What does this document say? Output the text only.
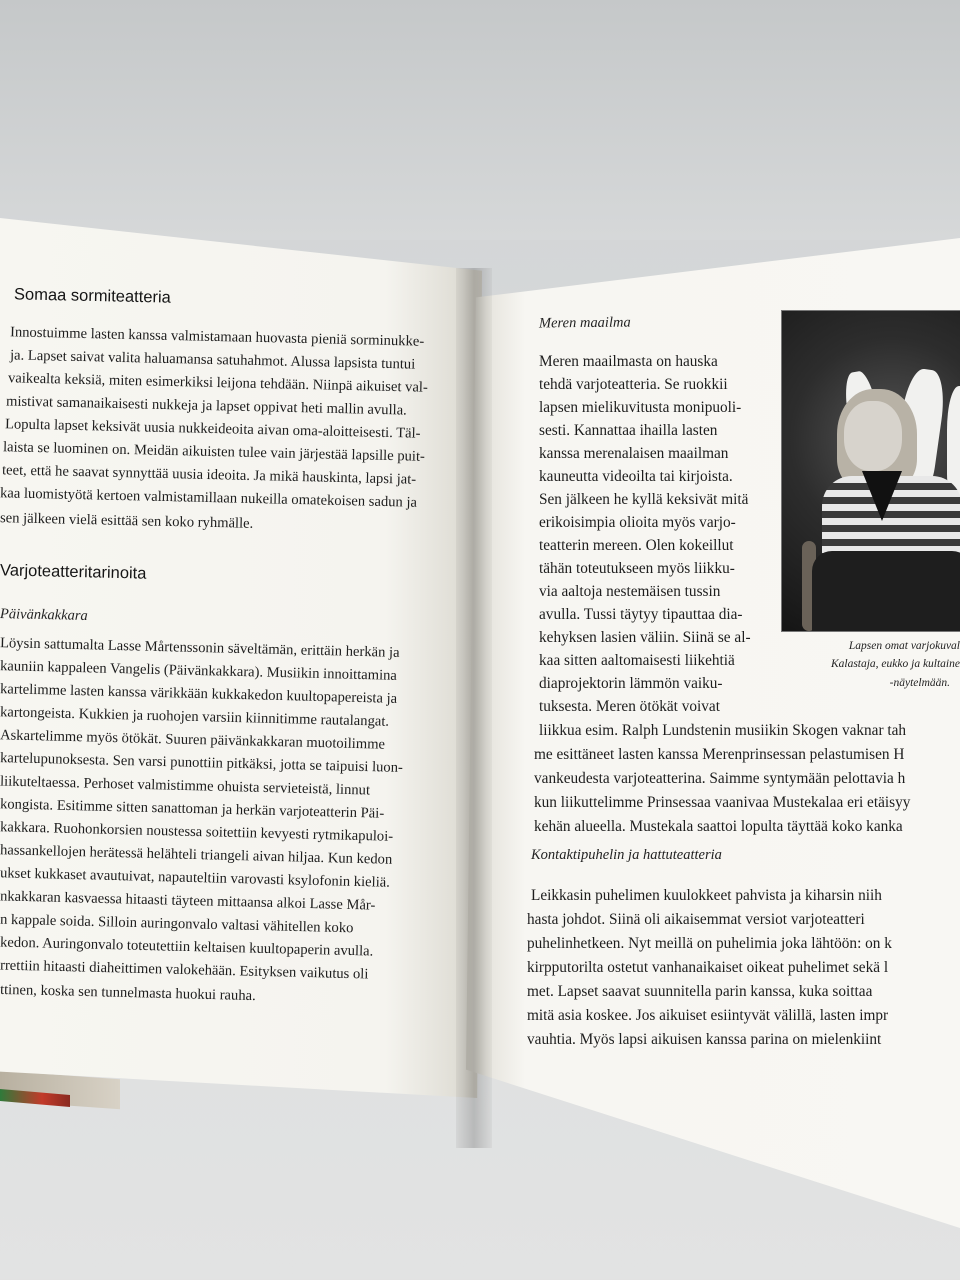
Somaa sormiteatteria
Innostuimme lasten kanssa valmistamaan huovasta pieniä sorminukke-
ja. Lapset saivat valita haluamansa satuhahmot. Alussa lapsista tuntui
vaikealta keksiä, miten esimerkiksi leijona tehdään. Niinpä aikuiset val-
mistivat samanaikaisesti nukkeja ja lapset oppivat heti mallin avulla.
Lopulta lapset keksivät uusia nukkeideoita aivan oma-aloitteisesti. Täl-
laista se luominen on. Meidän aikuisten tulee vain järjestää lapsille puit-
teet, että he saavat synnyttää uusia ideoita. Ja mikä hauskinta, lapsi jat-
kaa luomistyötä kertoen valmistamillaan nukeilla omatekoisen sadun ja
sen jälkeen vielä esittää sen koko ryhmälle.
Varjoteatteritarinoita
Päivänkakkara
Löysin sattumalta Lasse Mårtenssonin säveltämän, erittäin herkän ja
kauniin kappaleen Vangelis (Päivänkakkara). Musiikin innoittamina
kartelimme lasten kanssa värikkään kukkakedon kuultopapereista ja
kartongeista. Kukkien ja ruohojen varsiin kiinnitimme rautalangat.
Askartelimme myös ötökät. Suuren päivänkakkaran muotoilimme
kartelupunoksesta. Sen varsi punottiin pitkäksi, jotta se taipuisi luon-
liikuteltaessa. Perhoset valmistimme ohuista servieteistä, linnut
kongista. Esitimme sitten sanattoman ja herkän varjoteatterin Päi-
kakkara. Ruohonkorsien noustessa soitettiin kevyesti rytmikapuloi-
hassankellojen herätessä helähteli triangeli aivan hiljaa. Kun kedon
ukset kukkaset avautuivat, napauteltiin varovasti ksylofonin kieliä.
nkakkaran kasvaessa hitaasti täyteen mittaansa alkoi Lasse Mår-
n kappale soida. Silloin auringonvalo valtasi vähitellen koko
kedon. Auringonvalo toteutettiin keltaisen kuultopaperin avulla.
rrettiin hitaasti diaheittimen valokehään. Esityksen vaikutus oli
ttinen, koska sen tunnelmasta huokui rauha.
Meren maailma
Meren maailmasta on hauska
tehdä varjoteatteria. Se ruokkii
lapsen mielikuvitusta monipuoli-
sesti. Kannattaa ihailla lasten
kanssa merenalaisen maailman
kauneutta videoilta tai kirjoista.
Sen jälkeen he kyllä keksivät mitä
erikoisimpia olioita myös varjo-
teatterin mereen. Olen kokeillut
tähän toteutukseen myös liikku-
via aaltoja nestemäisen tussin
avulla. Tussi täytyy tipauttaa dia-
kehyksen lasien väliin. Siinä se al-
kaa sitten aaltomaisesti liikehtiä
diaprojektorin lämmön vaiku-
tuksesta. Meren ötökät voivat
liikkua esim. Ralph Lundstenin musiikin Skogen vaknar tah
me esittäneet lasten kanssa Merenprinsessan pelastumisen H
vankeudesta varjoteatterina. Saimme syntymään pelottavia h
kun liikuttelimme Prinsessaa vaanivaa Mustekalaa eri etäisyy
kehän alueella. Mustekala saattoi lopulta täyttää koko kanka
Lapsen omat varjokuval
Kalastaja, eukko ja kultaine
-näytelmään.
Kontaktipuhelin ja hattuteatteria
Leikkasin puhelimen kuulokkeet pahvista ja kiharsin niih
hasta johdot. Siinä oli aikaisemmat versiot varjoteatteri
puhelinhetkeen. Nyt meillä on puhelimia joka lähtöön: on k
kirpputorilta ostetut vanhanaikaiset oikeat puhelimet sekä l
met. Lapset saavat suunnitella parin kanssa, kuka soittaa
mitä asia koskee. Jos aikuiset esiintyvät välillä, lasten impr
vauhtia. Myös lapsi aikuisen kanssa parina on mielenkiint
